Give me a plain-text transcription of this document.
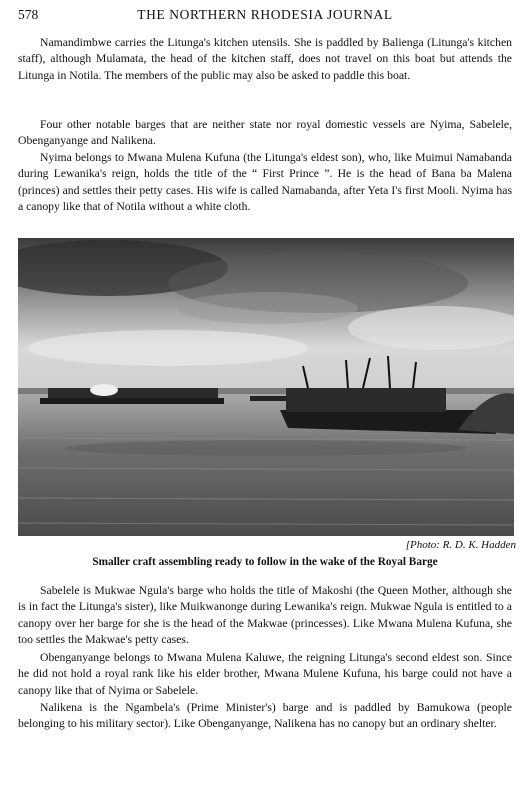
578	THE NORTHERN RHODESIA JOURNAL

Namandimbwe carries the Litunga's kitchen utensils. She is paddled by Balienga (Litunga's kitchen staff), although Mulamata, the head of the kitchen staff, does not travel on this boat but attends the Litunga in Notila. The members of the public may also be asked to paddle this boat.

Four other notable barges that are neither state nor royal domestic vessels are Nyima, Sabelele, Obenganyange and Nalikena.

Nyima belongs to Mwana Mulena Kufuna (the Litunga's eldest son), who, like Muimui Namabanda during Lewanika's reign, holds the title of the “ First Prince ”. He is the head of Bana ba Malena (princes) and settles their petty cases. His wife is called Namabanda, after Yeta I's first Mooli. Nyima has a canopy like that of Notila without a white cloth.

[Photo: R. D. K. Hadden
Smaller craft assembling ready to follow in the wake of the Royal Barge

Sabelele is Mukwae Ngula's barge who holds the title of Makoshi (the Queen Mother, although she is in fact the Litunga's sister), like Muikwanonge during Lewanika's reign. Mukwae Ngula is entitled to a canopy over her barge for she is the head of the Makwae (princesses). Like Mwana Mulena Kufuna, she too settles the Makwae's petty cases.

Obenganyange belongs to Mwana Mulena Kaluwe, the reigning Litunga's second eldest son. Since he did not hold a royal rank like his elder brother, Mwana Mulene Kufuna, his barge could not have a canopy like that of Nyima or Sabelele.

Nalikena is the Ngambela's (Prime Minister's) barge and is paddled by Bamukowa (people belonging to his military sector). Like Obenganyange, Nalikena has no canopy but an ordinary shelter.
